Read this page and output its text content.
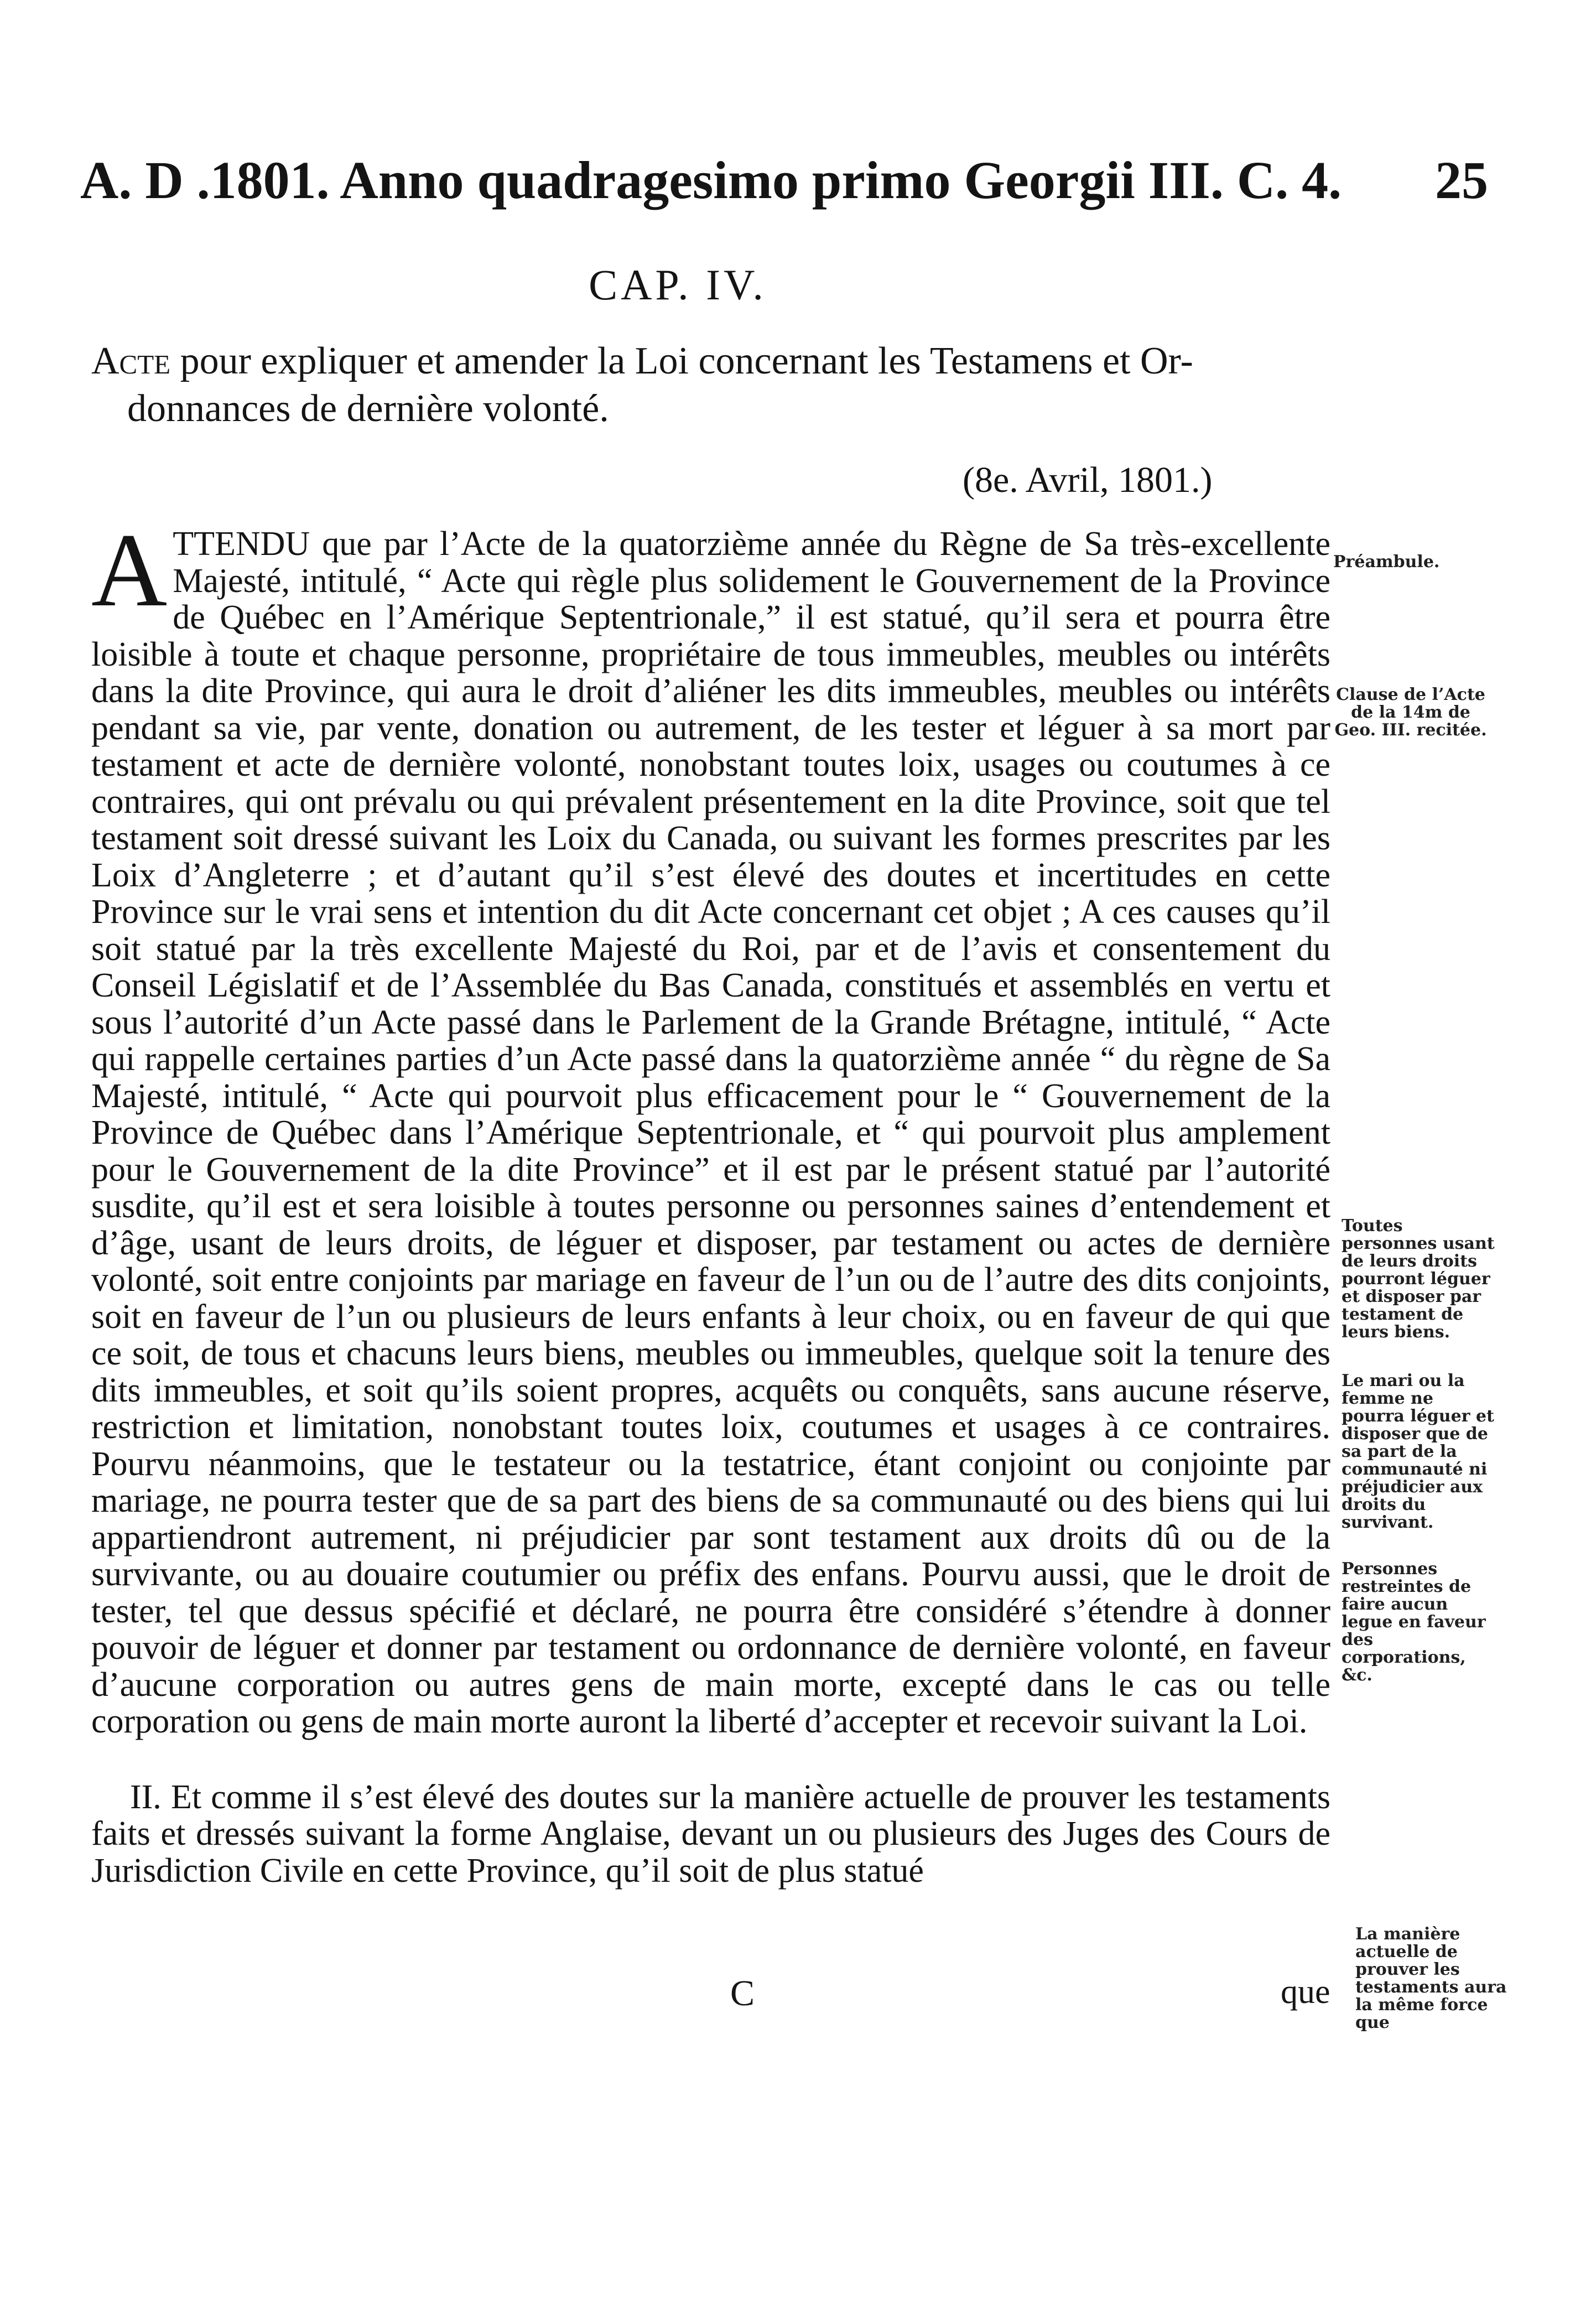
A. D .1801. Anno quadragesimo primo Georgii III. C. 4. 25
CAP. IV.
Acte pour expliquer et amender la Loi concernant les Testamens et Or-
donnances de dernière volonté.
(8e. Avril, 1801.)

ATTENDU que par l’Acte de la quatorzième année du Règne de Sa très-excellente Majesté, intitulé, “ Acte qui règle plus solidement le Gouvernement de la Province de Québec en l’Amérique Septentrionale,” il est statué, qu’il sera et pourra être loisible à toute et chaque personne, propriétaire de tous immeubles, meubles ou intérêts dans la dite Province, qui aura le droit d’aliéner les dits immeubles, meubles ou intérêts pendant sa vie, par vente, donation ou autrement, de les tester et léguer à sa mort par testament et acte de dernière volonté, nonobstant toutes loix, usages ou coutumes à ce contraires, qui ont prévalu ou qui prévalent présentement en la dite Province, soit que tel testament soit dressé suivant les Loix du Canada, ou suivant les formes prescrites par les Loix d’Angleterre ; et d’autant qu’il s’est élevé des doutes et incertitudes en cette Province sur le vrai sens et intention du dit Acte concernant cet objet ; A ces causes qu’il soit statué par la très excellente Majesté du Roi, par et de l’avis et consentement du Conseil Législatif et de l’Assemblée du Bas Canada, constitués et assemblés en vertu et sous l’autorité d’un Acte passé dans le Parlement de la Grande Brétagne, intitulé, “ Acte qui rappelle certaines parties d’un Acte passé dans la quatorzième année “ du règne de Sa Majesté, intitulé, “ Acte qui pourvoit plus efficacement pour le “ Gouvernement de la Province de Québec dans l’Amérique Septentrionale, et “ qui pourvoit plus amplement pour le Gouvernement de la dite Province” et il est par le présent statué par l’autorité susdite, qu’il est et sera loisible à toutes personne ou personnes saines d’entendement et d’âge, usant de leurs droits, de léguer et disposer, par testament ou actes de dernière volonté, soit entre conjoints par mariage en faveur de l’un ou de l’autre des dits conjoints, soit en faveur de l’un ou plusieurs de leurs enfants à leur choix, ou en faveur de qui que ce soit, de tous et chacuns leurs biens, meubles ou immeubles, quelque soit la tenure des dits immeubles, et soit qu’ils soient propres, acquêts ou conquêts, sans aucune réserve, restriction et limitation, nonobstant toutes loix, coutumes et usages à ce contraires. Pourvu néanmoins, que le testateur ou la testatrice, étant conjoint ou conjointe par mariage, ne pourra tester que de sa part des biens de sa communauté ou des biens qui lui appartiendront autrement, ni préjudicier par sont testament aux droits dû ou de la survivante, ou au douaire coutumier ou préfix des enfans. Pourvu aussi, que le droit de tester, tel que dessus spécifié et déclaré, ne pourra être considéré s’étendre à donner pouvoir de léguer et donner par testament ou ordonnance de dernière volonté, en faveur d’aucune corporation ou autres gens de main morte, excepté dans le cas ou telle corporation ou gens de main morte auront la liberté d’accepter et recevoir suivant la Loi.

II. Et comme il s’est élevé des doutes sur la manière actuelle de prouver les testaments faits et dressés suivant la forme Anglaise, devant un ou plusieurs des Juges des Cours de Jurisdiction Civile en cette Province, qu’il soit de plus statué

C	que
Préambule.
Clause de l’Acte de la 14m de Geo. III. recitée.
Toutes personnes usant de leurs droits pourront léguer et disposer par testament de leurs biens.
Le mari ou la femme ne pourra léguer et disposer que de sa part de la communauté ni préjudicier aux droits du survivant.
Personnes restreintes de faire aucun legue en faveur des corporations, &c.
La manière actuelle de prouver les testaments aura la même force que
